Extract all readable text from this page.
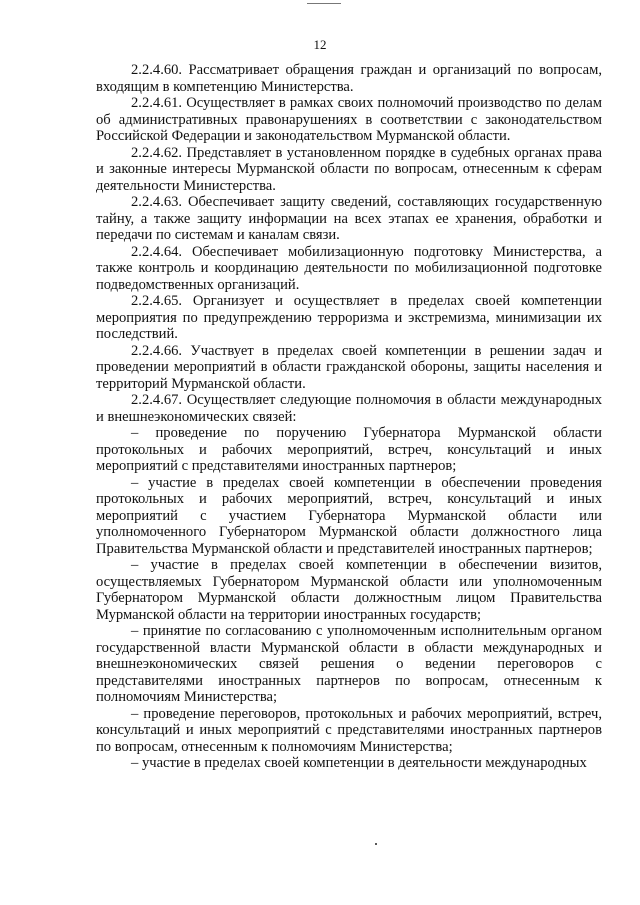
12

2.2.4.60. Рассматривает обращения граждан и организаций по вопросам, входящим в компетенцию Министерства.

2.2.4.61. Осуществляет в рамках своих полномочий производство по делам об административных правонарушениях в соответствии с законодательством Российской Федерации и законодательством Мурманской области.

2.2.4.62. Представляет в установленном порядке в судебных органах права и законные интересы Мурманской области по вопросам, отнесенным к сферам деятельности Министерства.

2.2.4.63. Обеспечивает защиту сведений, составляющих государственную тайну, а также защиту информации на всех этапах ее хранения, обработки и передачи по системам и каналам связи.

2.2.4.64. Обеспечивает мобилизационную подготовку Министерства, а также контроль и координацию деятельности по мобилизационной подготовке подведомственных организаций.

2.2.4.65. Организует и осуществляет в пределах своей компетенции мероприятия по предупреждению терроризма и экстремизма, минимизации их последствий.

2.2.4.66. Участвует в пределах своей компетенции в решении задач и проведении мероприятий в области гражданской обороны, защиты населения и территорий Мурманской области.

2.2.4.67. Осуществляет следующие полномочия в области международных и внешнеэкономических связей:

– проведение по поручению Губернатора Мурманской области протокольных и рабочих мероприятий, встреч, консультаций и иных мероприятий с представителями иностранных партнеров;

– участие в пределах своей компетенции в обеспечении проведения протокольных и рабочих мероприятий, встреч, консультаций и иных мероприятий с участием Губернатора Мурманской области или уполномоченного Губернатором Мурманской области должностного лица Правительства Мурманской области и представителей иностранных партнеров;

– участие в пределах своей компетенции в обеспечении визитов, осуществляемых Губернатором Мурманской области или уполномоченным Губернатором Мурманской области должностным лицом Правительства Мурманской области на территории иностранных государств;

– принятие по согласованию с уполномоченным исполнительным органом государственной власти Мурманской области в области международных и внешнеэкономических связей решения о ведении переговоров с представителями иностранных партнеров по вопросам, отнесенным к полномочиям Министерства;

– проведение переговоров, протокольных и рабочих мероприятий, встреч, консультаций и иных мероприятий с представителями иностранных партнеров по вопросам, отнесенным к полномочиям Министерства;

– участие в пределах своей компетенции в деятельности международных
